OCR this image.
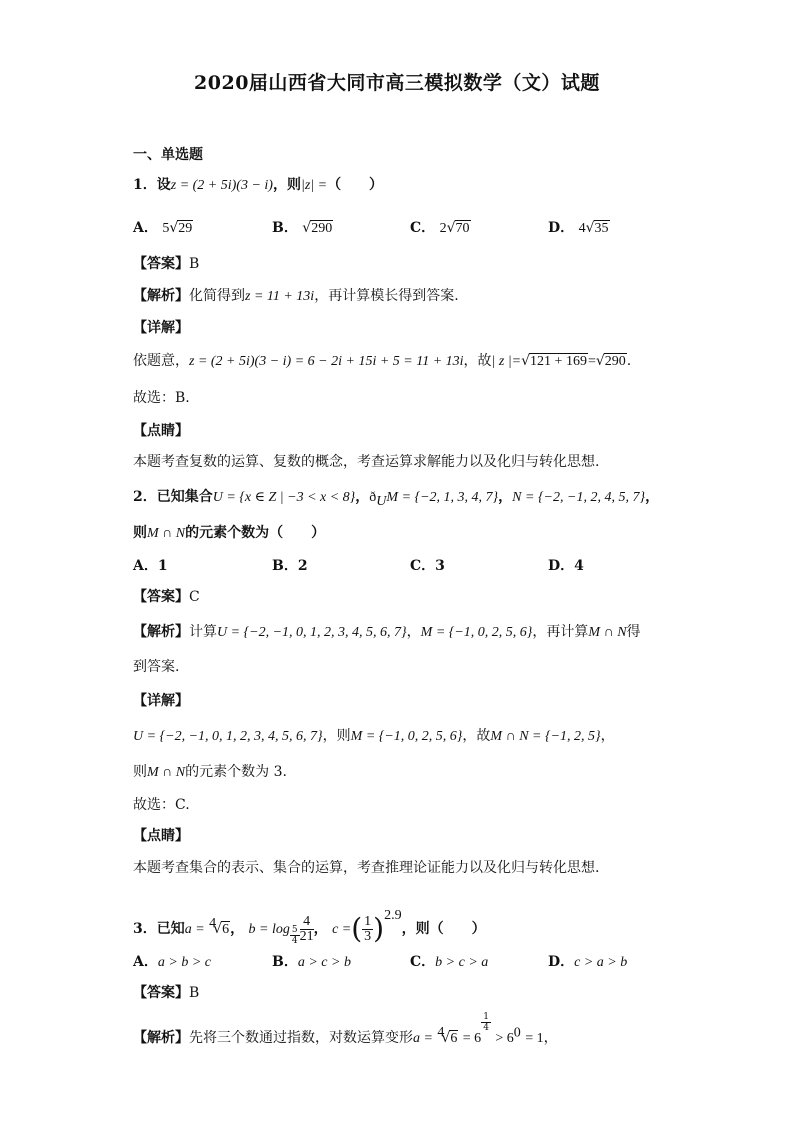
2020届山西省大同市高三模拟数学（文）试题
一、单选题
1．设z = (2 + 5i)(3 − i)，则|z| =（　　）
A． 5√29	B． √290	C． 2√70	D． 4√35
【答案】B
【解析】化简得到z = 11 + 13i，再计算模长得到答案.
【详解】
依题意，z = (2 + 5i)(3 − i) = 6 − 2i + 15i + 5 = 11 + 13i，故| z |=√121 + 169=√290.
故选：B.
【点睛】
本题考查复数的运算、复数的概念，考查运算求解能力以及化归与转化思想.
2．已知集合U = {x ∈ Z | −3 < x < 8}，$ð_UM = \{-2$, 1, 3, 4, 7}，N = {−2, −1, 2, 4, 5, 7}，
则M ∩ N的元素个数为（　　）
A．1	B．2	C．3	D．4
【答案】C
【解析】计算U = {−2, −1, 0, 1, 2, 3, 4, 5, 6, 7}，M = {−1, 0, 2, 5, 6}，再计算M ∩ N得
到答案.
【详解】
U = {−2, −1, 0, 1, 2, 3, 4, 5, 6, 7}，则M = {−1, 0, 2, 5, 6}，故M ∩ N = {−1, 2, 5}，
则M ∩ N的元素个数为 3.
故选：C.
【点睛】
本题考查集合的表示、集合的运算，考查推理论证能力以及化归与转化思想.
3．已知a = $^4$√6， $b = \log \frac{5}{4} \frac{4}{21}$ ， c =( $\frac{1}{3} )^{2.9}$，则（　　）
A．a > b > c	B．a > c > b	C．b > c > a	D．c > a > b
【答案】B
【解析】先将三个数通过指数，对数运算变形a = $^4$√6 = 6
$\frac{1}{4}$
> $6^0 = 1$，
